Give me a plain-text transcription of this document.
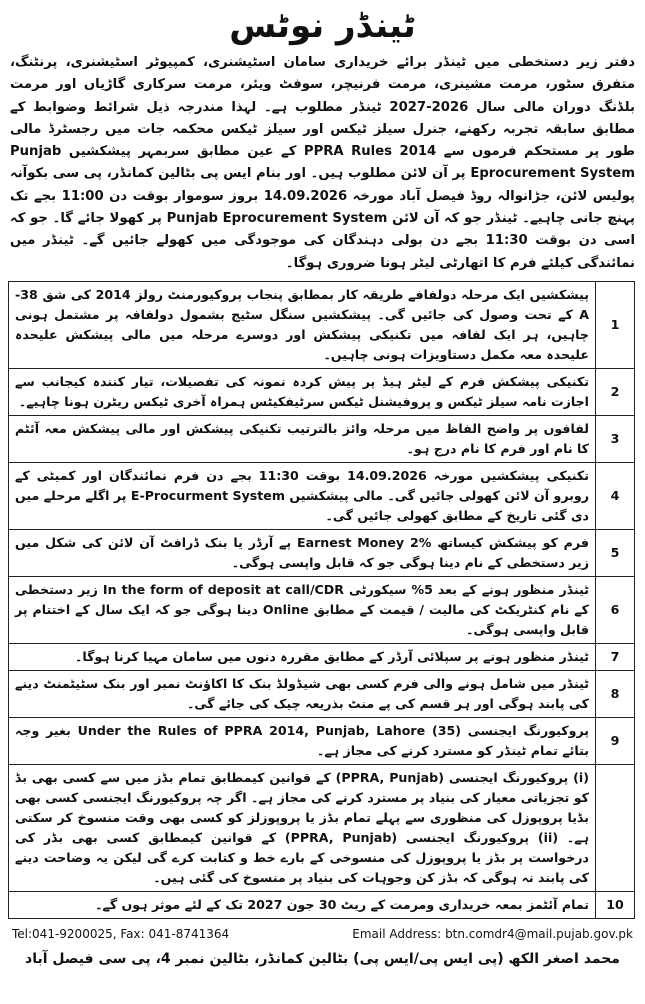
ٹینڈر نوٹس
دفتر زیر دستخطی میں ٹینڈر برائے خریداری سامان اسٹیشنری، کمپیوٹر اسٹیشنری، پرنٹنگ، متفرق سٹور، مرمت مشینری، مرمت فرنیچر، سوفٹ ویئر، مرمت سرکاری گاڑیاں اور مرمت بلڈنگ دوران مالی سال 2026-2027 ٹینڈر مطلوب ہے۔ لہذا مندرجہ ذیل شرائط وضوابط کے مطابق سابقہ تجربہ رکھنے، جنرل سیلز ٹیکس اور سیلز ٹیکس محکمہ جات میں رجسٹرڈ مالی طور پر مستحکم فرموں سے PPRA Rules 2014 کے عین مطابق سربمہر پیشکشیں Punjab Eprocurement System پر آن لائن مطلوب ہیں۔ اور بنام ایس پی بٹالین کمانڈر، پی سی بکوآنہ پولیس لائن، جڑانوالہ روڈ فیصل آباد مورخہ 14.09.2026 بروز سوموار بوقت دن 11:00 بجے تک پہنچ جانی چاہیے۔ ٹینڈر جو کہ آن لائن Punjab Eprocurement System پر کھولا جائے گا۔ جو کہ اسی دن بوقت 11:30 بجے دن بولی دہندگان کی موجودگی میں کھولے جائیں گے۔ ٹینڈر میں نمائندگی کیلئے فرم کا اتھارٹی لیٹر ہونا ضروری ہوگا۔
1	پیشکشیں ایک مرحلہ دولفافے طریقہ کار بمطابق پنجاب پروکیورمنٹ رولز 2014 کی شق 38-A کے تحت وصول کی جائیں گی۔ پیشکشیں سنگل سٹیج بشمول دولفافہ پر مشتمل ہونی چاہیں، ہر ایک لفافہ میں تکنیکی پیشکش اور دوسرے مرحلہ میں مالی پیشکش علیحدہ علیحدہ معہ مکمل دستاویزات ہونی چاہیں۔
2	تکنیکی پیشکش فرم کے لیٹر ہیڈ پر پیش کردہ نمونہ کی تفصیلات، تیار کنندہ کیجانب سے اجازت نامہ سیلز ٹیکس و پروفیشنل ٹیکس سرٹیفکیٹس ہمراہ آخری ٹیکس ریٹرن ہونا چاہیے۔
3	لفافوں پر واضح الفاظ میں مرحلہ وائز بالترتیب تکنیکی پیشکش اور مالی پیشکش معہ آئٹم کا نام اور فرم کا نام درج ہو۔
4	تکنیکی پیشکشیں مورخہ 14.09.2026 بوقت 11:30 بجے دن فرم نمائندگان اور کمیٹی کے روبرو آن لائن کھولی جائیں گی۔ مالی پیشکشیں E-Procurment System پر اگلے مرحلے میں دی گئی تاریخ کے مطابق کھولی جائیں گی۔
5	فرم کو پیشکش کیساتھ Earnest Money 2% پے آرڈر یا بنک ڈرافٹ آن لائن کی شکل میں زیر دستخطی کے نام دینا ہوگی جو کہ قابل واپسی ہوگی۔
6	ٹینڈر منظور ہونے کے بعد 5% سیکورٹی In the form of deposit at call/CDR زیر دستخطی کے نام کنٹریکٹ کی مالیت / قیمت کے مطابق Online دینا ہوگی جو کہ ایک سال کے اختتام پر قابل واپسی ہوگی۔
7	ٹینڈر منظور ہونے پر سپلائی آرڈر کے مطابق مقررہ دنوں میں سامان مہیا کرنا ہوگا۔
8	ٹینڈر میں شامل ہونے والی فرم کسی بھی شیڈولڈ بنک کا اکاؤنٹ نمبر اور بنک سٹیٹمنٹ دینے کی پابند ہوگی اور ہر قسم کی پے منٹ بذریعہ چیک کی جائے گی۔
9	پروکیورنگ ایجنسی Under the Rules of PPRA 2014, Punjab, Lahore (35) بغیر وجہ بتائے تمام ٹینڈر کو مسترد کرنے کی مجاز ہے۔
	(i) پروکیورنگ ایجنسی (PPRA, Punjab) کے قوانین کیمطابق تمام بڈز میں سے کسی بھی بڈ کو تجزیاتی معیار کی بنیاد پر مسترد کرنے کی مجاز ہے۔ اگر چہ پروکیورنگ ایجنسی کسی بھی بڈیا پروپوزل کی منظوری سے پہلے تمام بڈز یا پروپوزلز کو کسی بھی وقت منسوخ کر سکتی ہے۔ (ii) پروکیورنگ ایجنسی (PPRA, Punjab) کے قوانین کیمطابق کسی بھی بڈر کی درخواست پر بڈز یا پروپوزل کی منسوخی کے بارے خط و کتابت کرے گی لیکن یہ وضاحت دینے کی پابند نہ ہوگی کہ بڈز کن وجوہات کی بنیاد پر منسوخ کی گئی ہیں۔
10	تمام آئٹمز بمعہ خریداری ومرمت کے ریٹ 30 جون 2027 تک کے لئے موثر ہوں گے۔
Tel:041-9200025, Fax: 041-8741364	Email Address: btn.comdr4@mail.pujab.gov.pk
محمد اصغر الکھ (پی ایس پی/ایس پی) بٹالین کمانڈر، بٹالین نمبر 4، پی سی فیصل آباد
